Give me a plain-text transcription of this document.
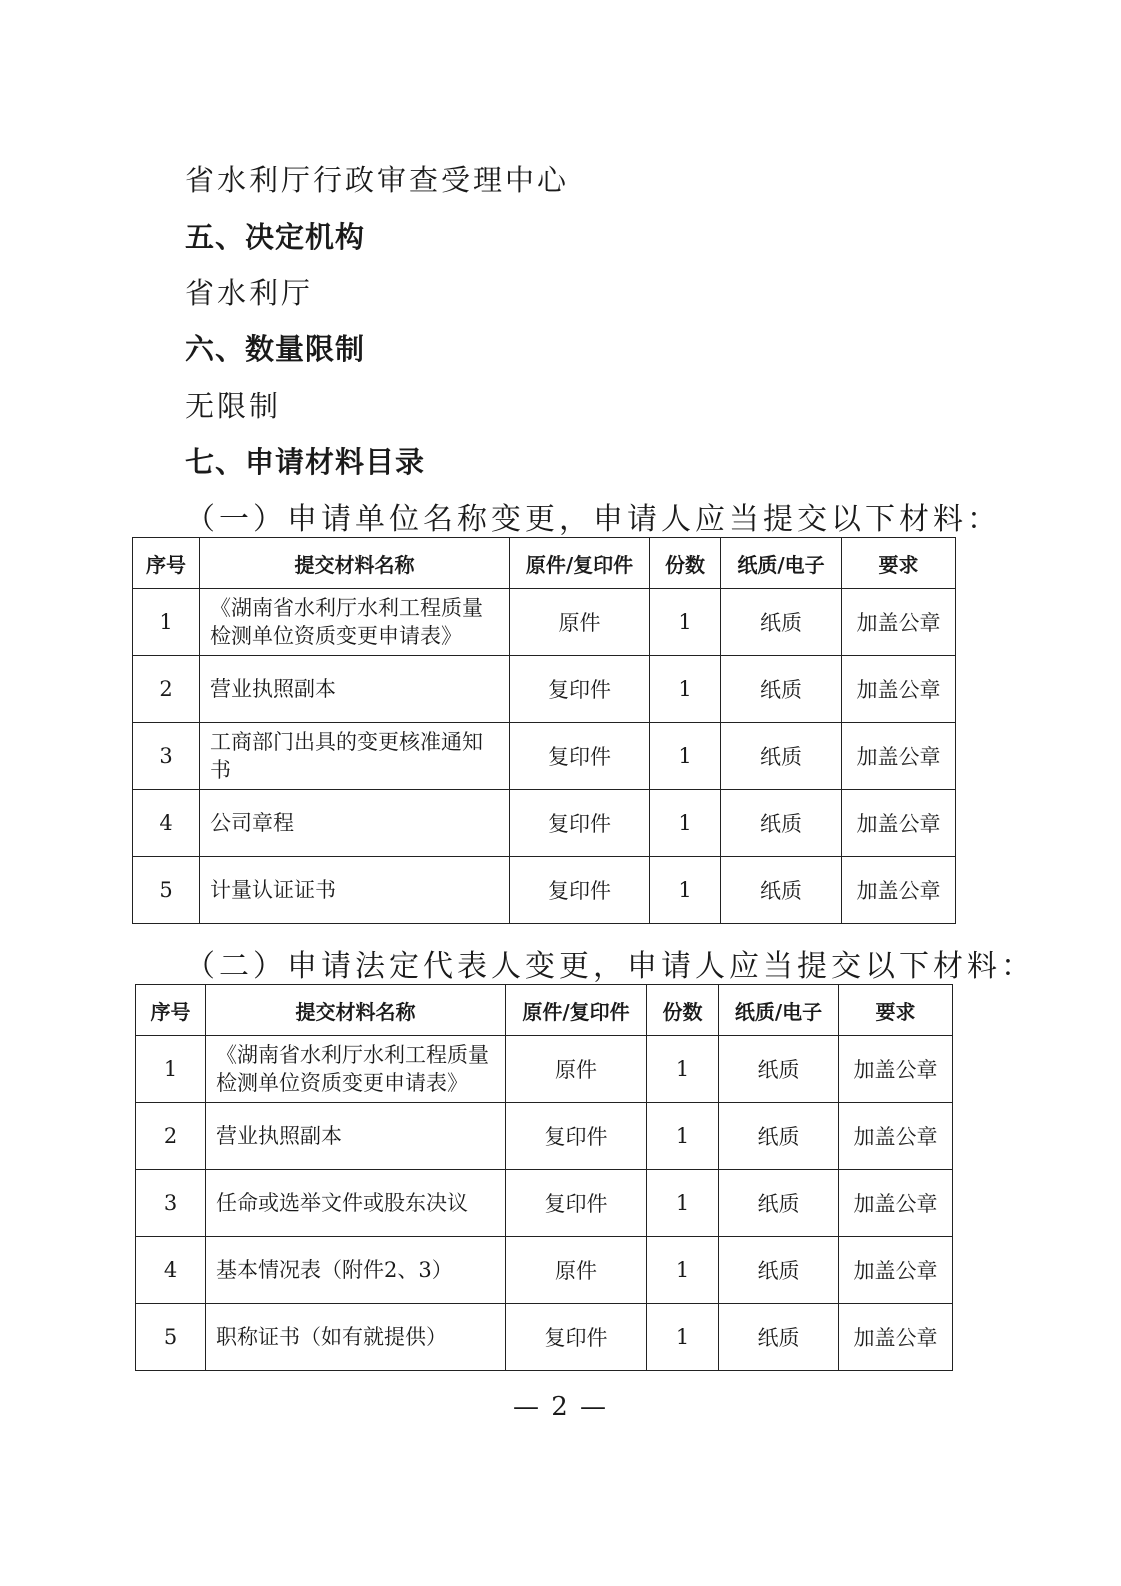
省水利厅行政审查受理中心
五、决定机构
省水利厅
六、数量限制
无限制
七、申请材料目录
（一）申请单位名称变更，申请人应当提交以下材料：
序号	提交材料名称	原件/复印件	份数	纸质/电子	要求
1	《湖南省水利厅水利工程质量检测单位资质变更申请表》	原件	1	纸质	加盖公章
2	营业执照副本	复印件	1	纸质	加盖公章
3	工商部门出具的变更核准通知书	复印件	1	纸质	加盖公章
4	公司章程	复印件	1	纸质	加盖公章
5	计量认证证书	复印件	1	纸质	加盖公章
（二）申请法定代表人变更，申请人应当提交以下材料：
序号	提交材料名称	原件/复印件	份数	纸质/电子	要求
1	《湖南省水利厅水利工程质量检测单位资质变更申请表》	原件	1	纸质	加盖公章
2	营业执照副本	复印件	1	纸质	加盖公章
3	任命或选举文件或股东决议	复印件	1	纸质	加盖公章
4	基本情况表（附件2、3）	原件	1	纸质	加盖公章
5	职称证书（如有就提供）	复印件	1	纸质	加盖公章
— 2 —
